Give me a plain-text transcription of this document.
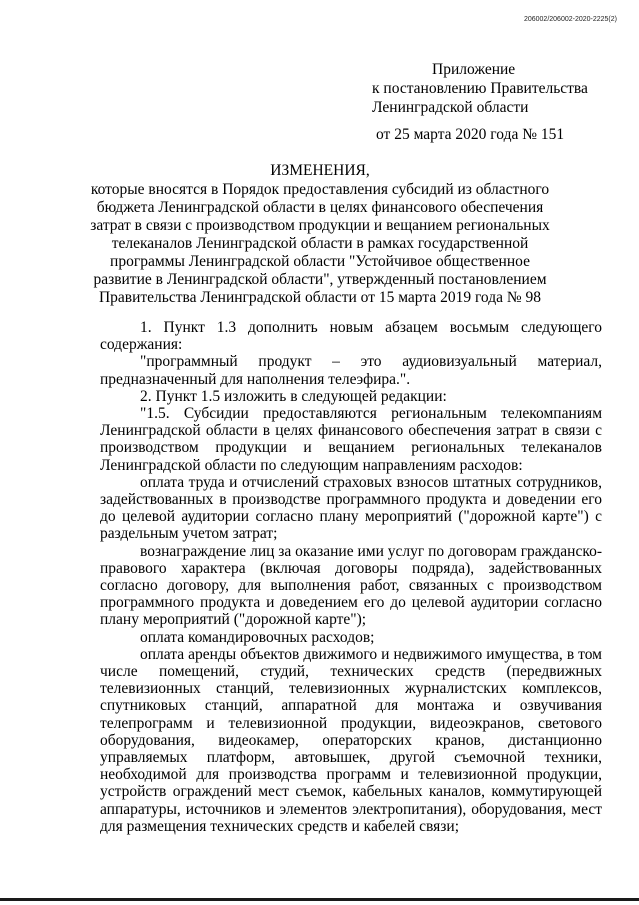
206002/206002-2020-2225(2)
Приложение
к постановлению Правительства
Ленинградской области
от 25 марта 2020 года № 151
ИЗМЕНЕНИЯ,
которые вносятся в Порядок предоставления субсидий из областного бюджета Ленинградской области в целях финансового обеспечения затрат в связи с производством продукции и вещанием региональных телеканалов Ленинградской области в рамках государственной программы Ленинградской области "Устойчивое общественное развитие в Ленинградской области", утвержденный постановлением Правительства Ленинградской области от 15 марта 2019 года № 98

1. Пункт 1.3 дополнить новым абзацем восьмым следующего содержания:

"программный продукт – это аудиовизуальный материал, предназначенный для наполнения телеэфира.".

2. Пункт 1.5 изложить в следующей редакции:

"1.5. Субсидии предоставляются региональным телекомпаниям Ленинградской области в целях финансового обеспечения затрат в связи с производством продукции и вещанием региональных телеканалов Ленинградской области по следующим направлениям расходов:

оплата труда и отчислений страховых взносов штатных сотрудников, задействованных в производстве программного продукта и доведении его до целевой аудитории согласно плану мероприятий ("дорожной карте") с раздельным учетом затрат;

вознаграждение лиц за оказание ими услуг по договорам гражданско-правового характера (включая договоры подряда), задействованных согласно договору, для выполнения работ, связанных с производством программного продукта и доведением его до целевой аудитории согласно плану мероприятий ("дорожной карте");

оплата командировочных расходов;

оплата аренды объектов движимого и недвижимого имущества, в том числе помещений, студий, технических средств (передвижных телевизионных станций, телевизионных журналистских комплексов, спутниковых станций, аппаратной для монтажа и озвучивания телепрограмм и телевизионной продукции, видеоэкранов, светового оборудования, видеокамер, операторских кранов, дистанционно управляемых платформ, автовышек, другой съемочной техники, необходимой для производства программ и телевизионной продукции, устройств ограждений мест съемок, кабельных каналов, коммутирующей аппаратуры, источников и элементов электропитания), оборудования, мест для размещения технических средств и кабелей связи;
